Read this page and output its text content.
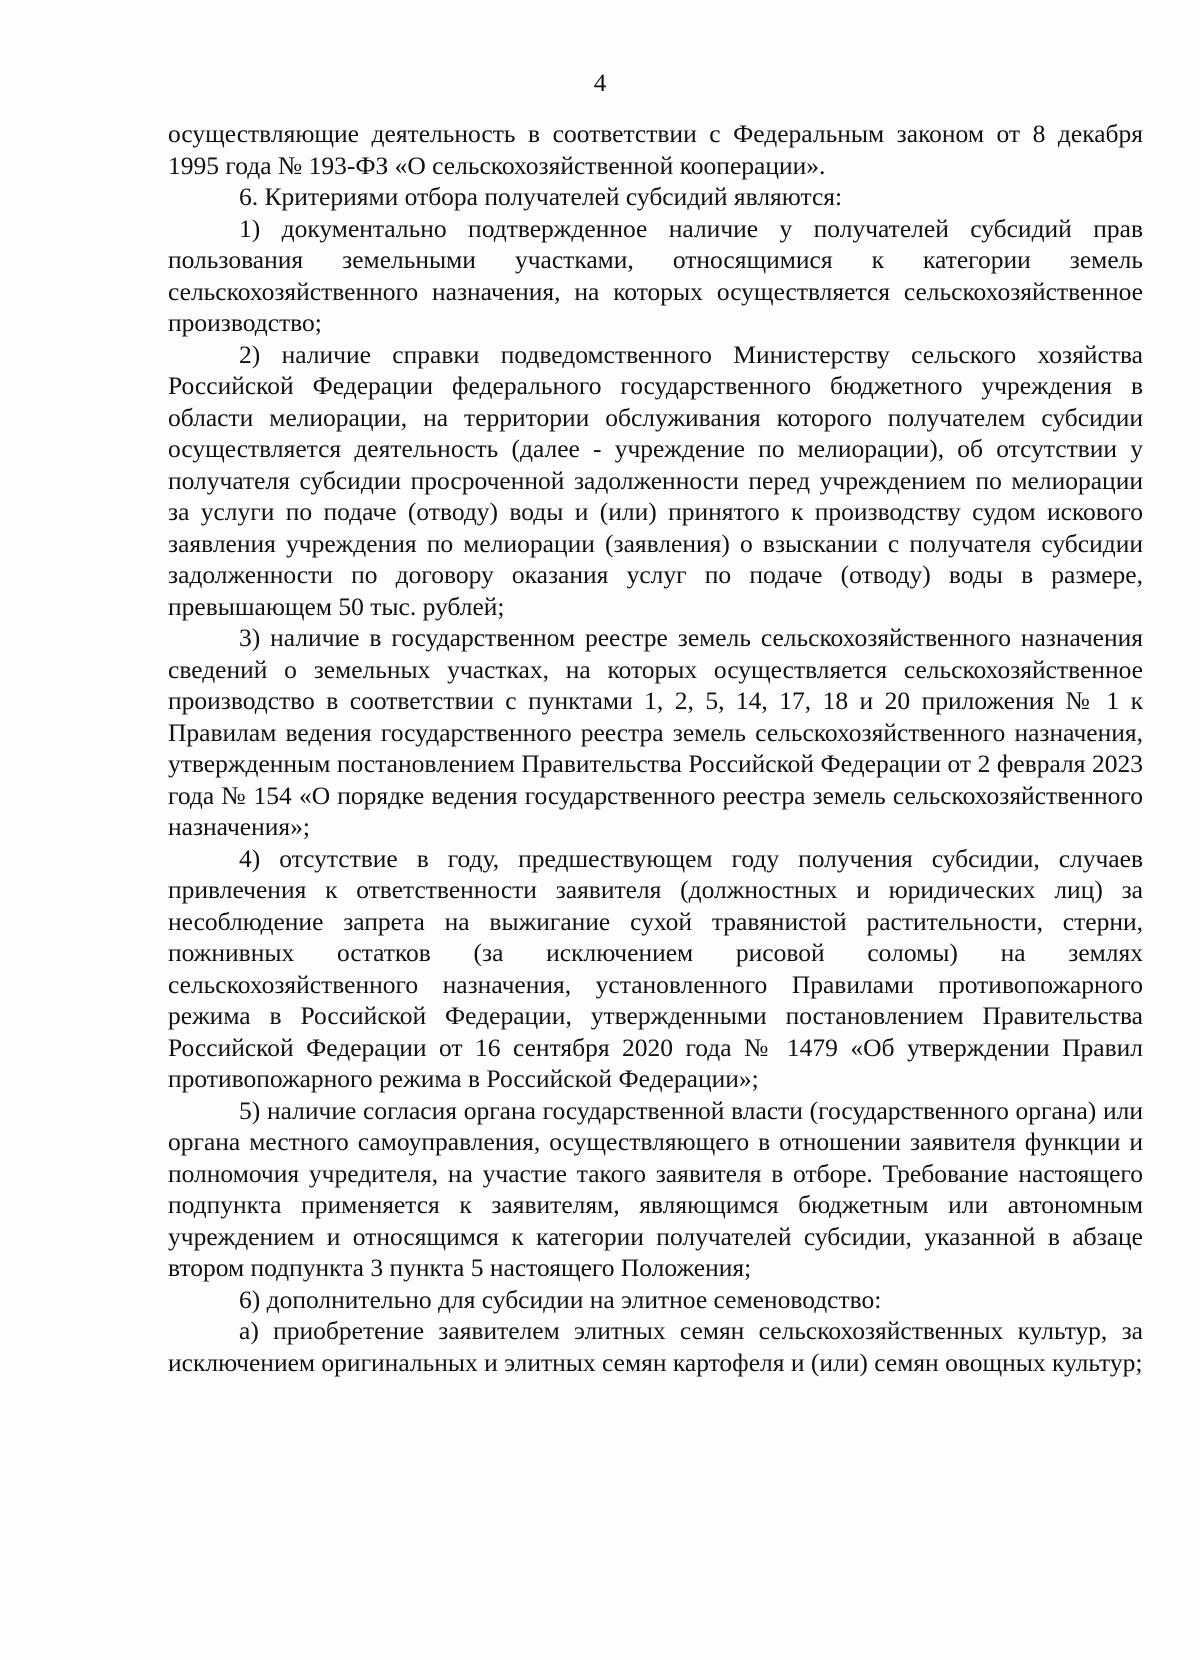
4

осуществляющие деятельность в соответствии с Федеральным законом от 8 декабря 1995 года № 193-ФЗ «О сельскохозяйственной кооперации».

6. Критериями отбора получателей субсидий являются:

1) документально подтвержденное наличие у получателей субсидий прав пользования земельными участками, относящимися к категории земель сельскохозяйственного назначения, на которых осуществляется сельскохозяйственное производство;

2) наличие справки подведомственного Министерству сельского хозяйства Российской Федерации федерального государственного бюджетного учреждения в области мелиорации, на территории обслуживания которого получателем субсидии осуществляется деятельность (далее - учреждение по мелиорации), об отсутствии у получателя субсидии просроченной задолженности перед учреждением по мелиорации за услуги по подаче (отводу) воды и (или) принятого к производству судом искового заявления учреждения по мелиорации (заявления) о взыскании с получателя субсидии задолженности по договору оказания услуг по подаче (отводу) воды в размере, превышающем 50 тыс. рублей;

3) наличие в государственном реестре земель сельскохозяйственного назначения сведений о земельных участках, на которых осуществляется сельскохозяйственное производство в соответствии с пунктами 1, 2, 5, 14, 17, 18 и 20 приложения № 1 к Правилам ведения государственного реестра земель сельскохозяйственного назначения, утвержденным постановлением Правительства Российской Федерации от 2 февраля 2023 года № 154 «О порядке ведения государственного реестра земель сельскохозяйственного назначения»;

4) отсутствие в году, предшествующем году получения субсидии, случаев привлечения к ответственности заявителя (должностных и юридических лиц) за несоблюдение запрета на выжигание сухой травянистой растительности, стерни, пожнивных остатков (за исключением рисовой соломы) на землях сельскохозяйственного назначения, установленного Правилами противопожарного режима в Российской Федерации, утвержденными постановлением Правительства Российской Федерации от 16 сентября 2020 года № 1479 «Об утверждении Правил противопожарного режима в Российской Федерации»;

5) наличие согласия органа государственной власти (государственного органа) или органа местного самоуправления, осуществляющего в отношении заявителя функции и полномочия учредителя, на участие такого заявителя в отборе. Требование настоящего подпункта применяется к заявителям, являющимся бюджетным или автономным учреждением и относящимся к категории получателей субсидии, указанной в абзаце втором подпункта 3 пункта 5 настоящего Положения;

6) дополнительно для субсидии на элитное семеноводство:

а) приобретение заявителем элитных семян сельскохозяйственных культур, за исключением оригинальных и элитных семян картофеля и (или) семян овощных культур;
